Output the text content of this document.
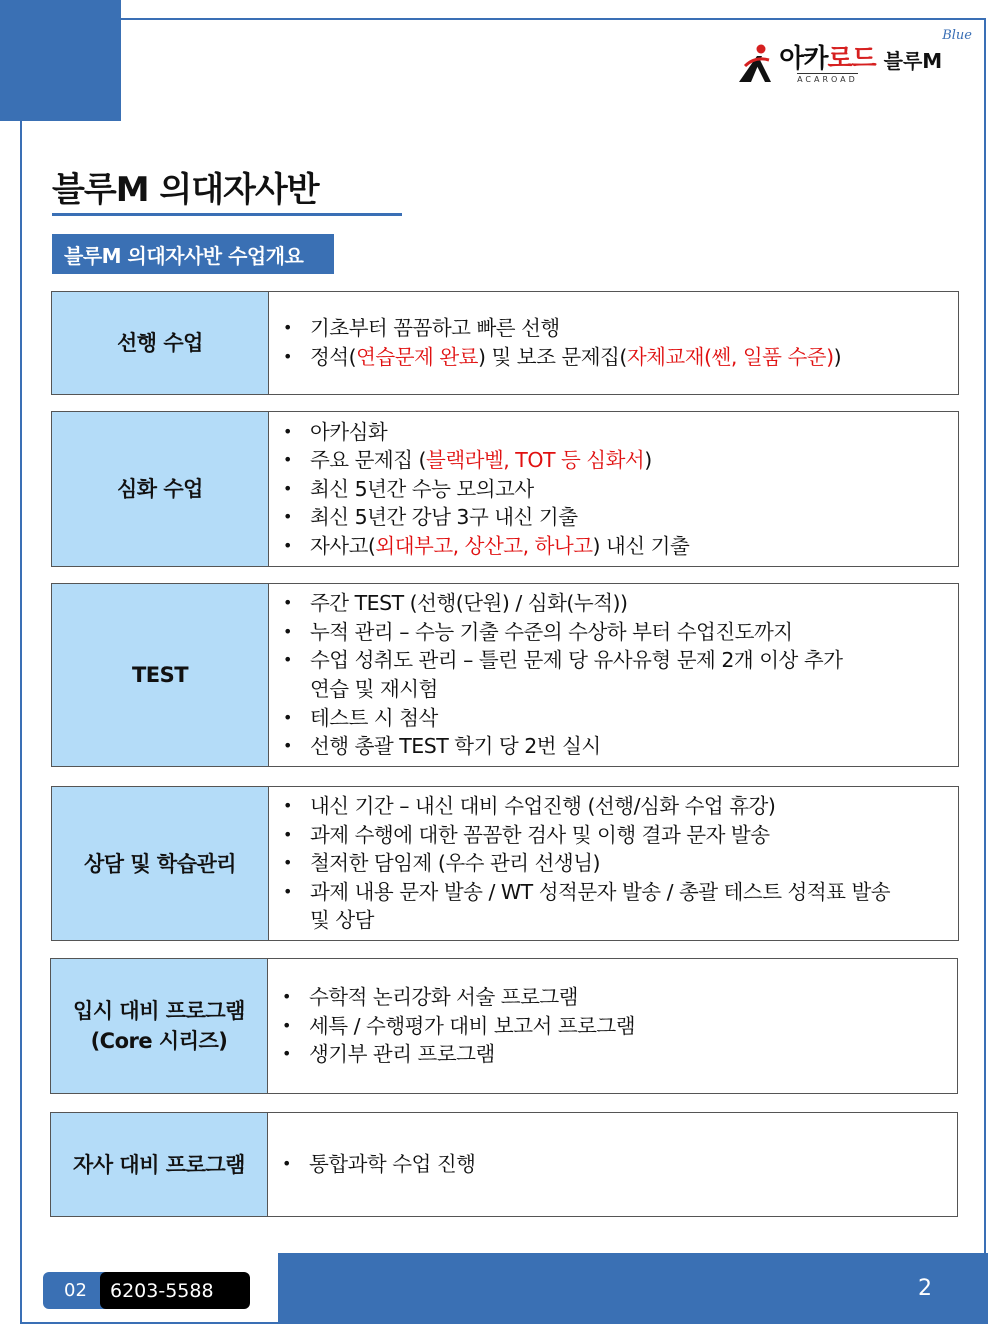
아카로드
ACAROAD
블루M
Blue
블루M 의대자사반
블루M 의대자사반 수업개요
선행 수업
• 기초부터 꼼꼼하고 빠른 선행
• 정석(연습문제 완료) 및 보조 문제집(자체교재(쎈, 일품 수준))
심화 수업
• 아카심화
• 주요 문제집 (블랙라벨, TOT 등 심화서)
• 최신 5년간 수능 모의고사
• 최신 5년간 강남 3구 내신 기출
• 자사고(외대부고, 상산고, 하나고) 내신 기출
TEST
• 주간 TEST (선행(단원) / 심화(누적))
• 누적 관리 – 수능 기출 수준의 수상하 부터 수업진도까지
• 수업 성취도 관리 – 틀린 문제 당 유사유형 문제 2개 이상 추가
연습 및 재시험
• 테스트 시 첨삭
• 선행 총괄 TEST 학기 당 2번 실시
상담 및 학습관리
• 내신 기간 – 내신 대비 수업진행 (선행/심화 수업 휴강)
• 과제 수행에 대한 꼼꼼한 검사 및 이행 결과 문자 발송
• 철저한 담임제 (우수 관리 선생님)
• 과제 내용 문자 발송 / WT 성적문자 발송 / 총괄 테스트 성적표 발송
및 상담
입시 대비 프로그램
(Core 시리즈)
• 수학적 논리강화 서술 프로그램
• 세특 / 수행평가 대비 보고서 프로그램
• 생기부 관리 프로그램
자사 대비 프로그램
•	통합과학 수업 진행
2
02	6203-5588
